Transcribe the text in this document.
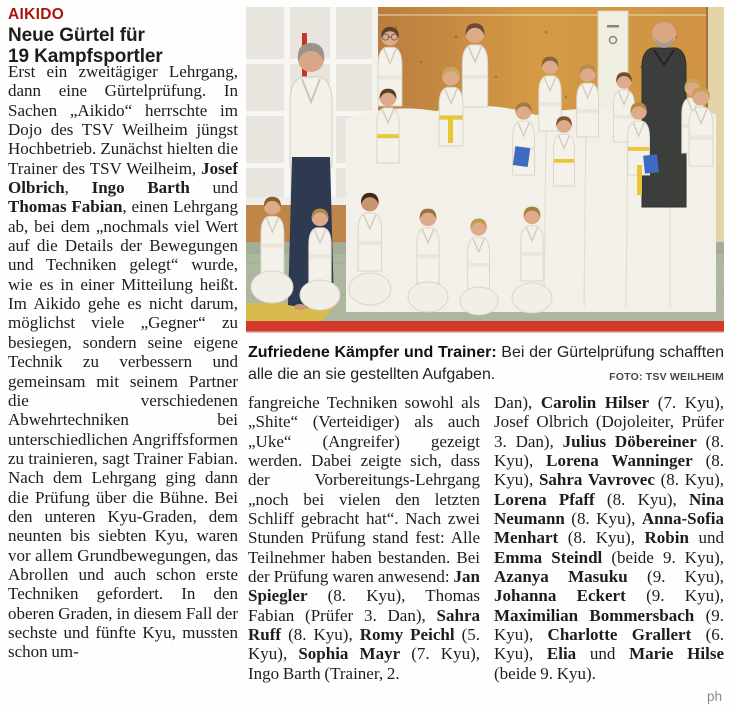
AIKIDO
Neue Gürtel für
19 Kampfsportler

Erst ein zweitägiger Lehrgang, dann eine Gürtelprüfung. In Sachen „Aikido“ herrschte im Dojo des TSV Weilheim jüngst Hochbetrieb. Zunächst hielten die Trainer des TSV Weilheim, Josef Olbrich, Ingo Barth und Thomas Fabian, einen Lehrgang ab, bei dem „nochmals viel Wert auf die Details der Bewegungen und Techniken gelegt“ wurde, wie es in einer Mitteilung heißt. Im Aikido gehe es nicht darum, möglichst viele „Gegner“ zu besiegen, sondern seine eigene Technik zu verbessern und gemeinsam mit seinem Partner die verschiedenen Abwehrtechniken bei unterschiedlichen Angriffsformen zu trainieren, sagt Trainer Fabian. Nach dem Lehrgang ging dann die Prüfung über die Bühne. Bei den unteren Kyu-Graden, dem neunten bis siebten Kyu, waren vor allem Grundbewegungen, das Abrollen und auch schon erste Techniken gefordert. In den oberen Graden, in diesem Fall der sechste und fünfte Kyu, mussten schon um-

Zufriedene Kämpfer und Trainer: Bei der Gürtelprüfung schafften alle die an sie gestellten Aufgaben.	FOTO: TSV WEILHEIM

fangreiche Techniken sowohl als „Shite“ (Verteidiger) als auch „Uke“ (Angreifer) gezeigt werden. Dabei zeigte sich, dass der Vorbereitungs-Lehrgang „noch bei vielen den letzten Schliff gebracht hat“. Nach zwei Stunden Prüfung stand fest: Alle Teilnehmer haben bestanden. Bei der Prüfung waren anwesend: Jan Spiegler (8. Kyu), Thomas Fabian (Prüfer 3. Dan), Sahra Ruff (8. Kyu), Romy Peichl (5. Kyu), Sophia Mayr (7. Kyu), Ingo Barth (Trainer, 2.

Dan), Carolin Hilser (7. Kyu), Josef Olbrich (Dojoleiter, Prüfer 3. Dan), Julius Döbereiner (8. Kyu), Lorena Wanninger (8. Kyu), Sahra Vavrovec (8. Kyu), Lorena Pfaff (8. Kyu), Nina Neumann (8. Kyu), Anna-Sofia Menhart (8. Kyu), Robin und Emma Steindl (beide 9. Kyu), Azanya Masuku (9. Kyu), Johanna Eckert (9. Kyu), Maximilian Bommersbach (9. Kyu), Charlotte Grallert (6. Kyu), Elia und Marie Hilse (beide 9. Kyu).

ph
